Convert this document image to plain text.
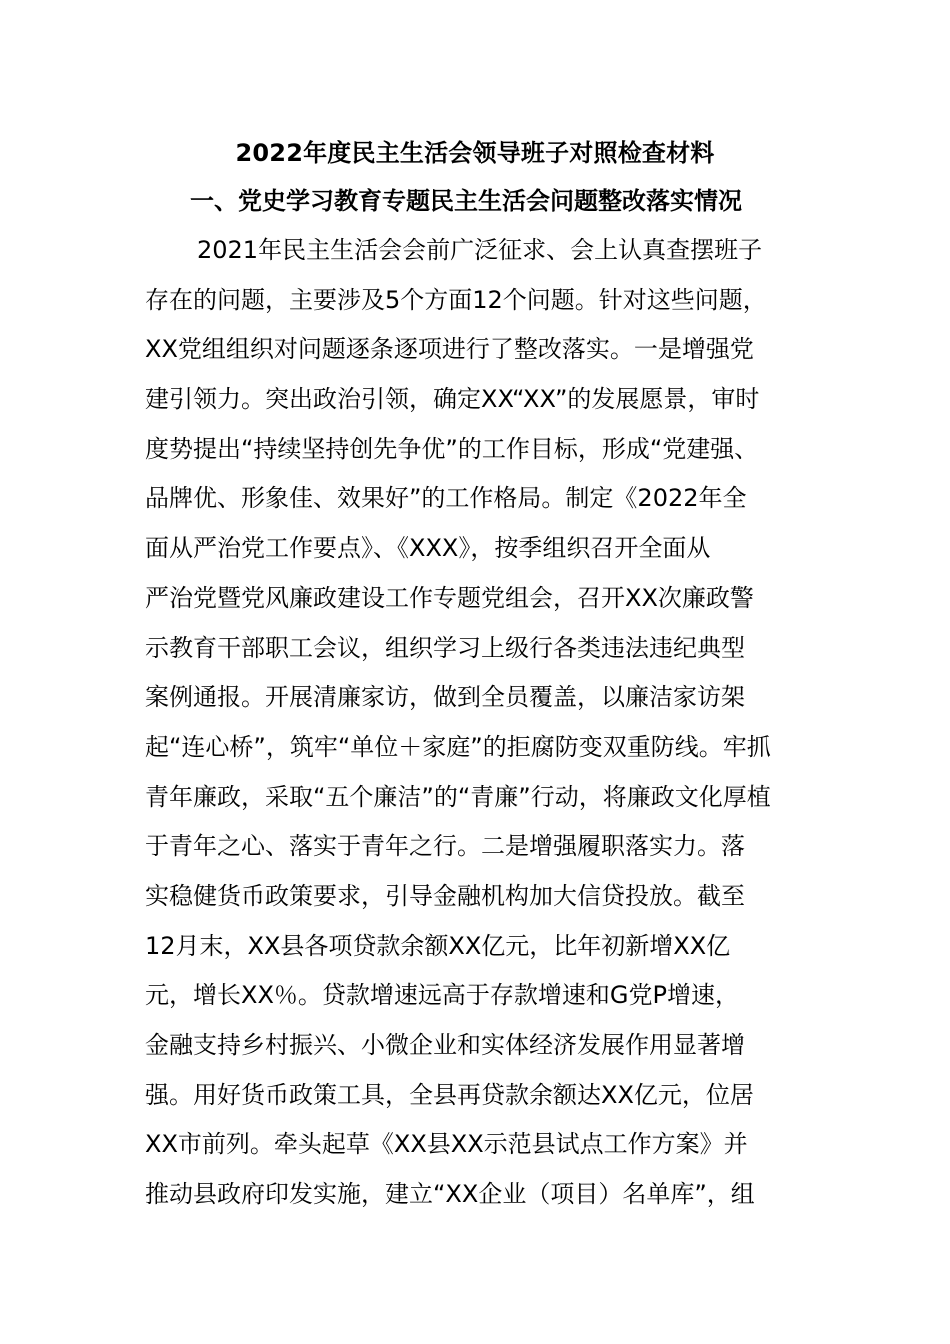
2022年度民主生活会领导班子对照检查材料
一、党史学习教育专题民主生活会问题整改落实情况
2021年民主生活会会前广泛征求、会上认真查摆班子
存在的问题，主要涉及5个方面12个问题。针对这些问题，
XX党组组织对问题逐条逐项进行了整改落实。一是增强党
建引领力。突出政治引领，确定XX“XX”的发展愿景，审时
度势提出“持续坚持创先争优”的工作目标，形成“党建强、
品牌优、形象佳、效果好”的工作格局。制定《2022年全
面从严治党工作要点》、《XXX》，按季组织召开全面从
严治党暨党风廉政建设工作专题党组会，召开XX次廉政警
示教育干部职工会议，组织学习上级行各类违法违纪典型
案例通报。开展清廉家访，做到全员覆盖，以廉洁家访架
起“连心桥”，筑牢“单位＋家庭”的拒腐防变双重防线。牢抓
青年廉政，采取“五个廉洁”的“青廉”行动，将廉政文化厚植
于青年之心、落实于青年之行。二是增强履职落实力。落
实稳健货币政策要求，引导金融机构加大信贷投放。截至
12月末，XX县各项贷款余额XX亿元，比年初新增XX亿
元，增长XX％。贷款增速远高于存款增速和G党P增速，
金融支持乡村振兴、小微企业和实体经济发展作用显著增
强。用好货币政策工具，全县再贷款余额达XX亿元，位居
XX市前列。牵头起草《XX县XX示范县试点工作方案》并
推动县政府印发实施，建立“XX企业（项目）名单库”，组
